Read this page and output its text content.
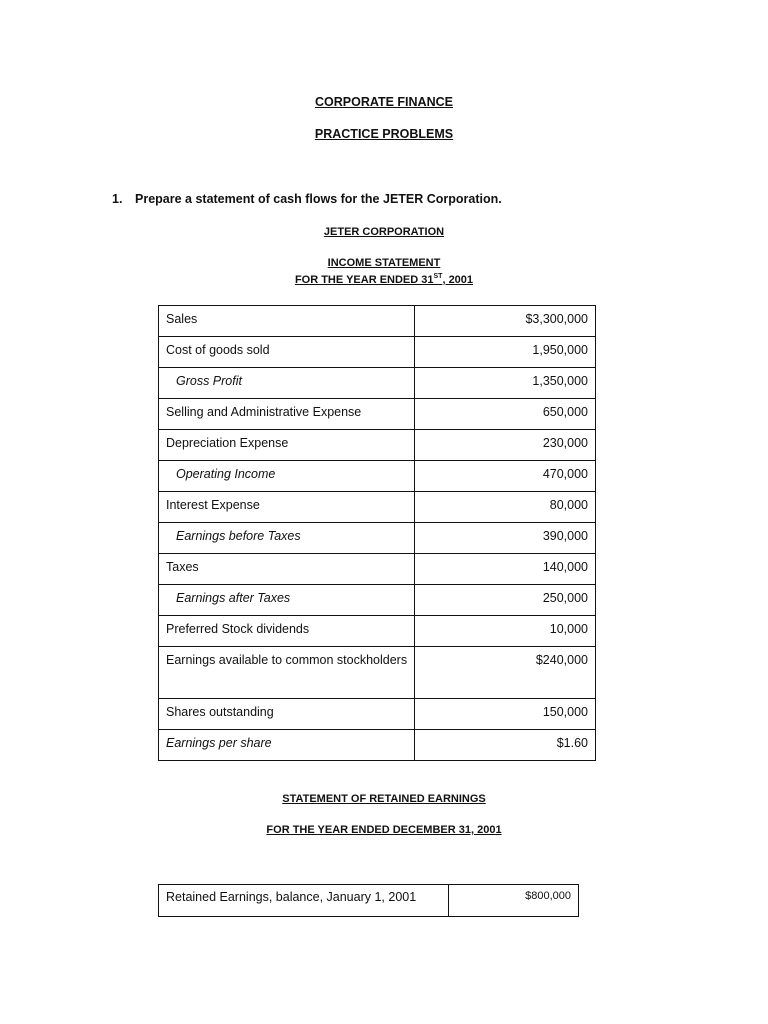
CORPORATE FINANCE
PRACTICE PROBLEMS
1. Prepare a statement of cash flows for the JETER Corporation.
JETER CORPORATION
INCOME STATEMENT
FOR THE YEAR ENDED 31ST, 2001
Sales	$3,300,000
Cost of goods sold	1,950,000
Gross Profit	1,350,000
Selling and Administrative Expense	650,000
Depreciation Expense	230,000
Operating Income	470,000
Interest Expense	80,000
Earnings before Taxes	390,000
Taxes	140,000
Earnings after Taxes	250,000
Preferred Stock dividends	10,000
Earnings available to common stockholders	$240,000
Shares outstanding	150,000
Earnings per share	$1.60
STATEMENT OF RETAINED EARNINGS
FOR THE YEAR ENDED DECEMBER 31, 2001
Retained Earnings, balance, January 1, 2001	$800,000
